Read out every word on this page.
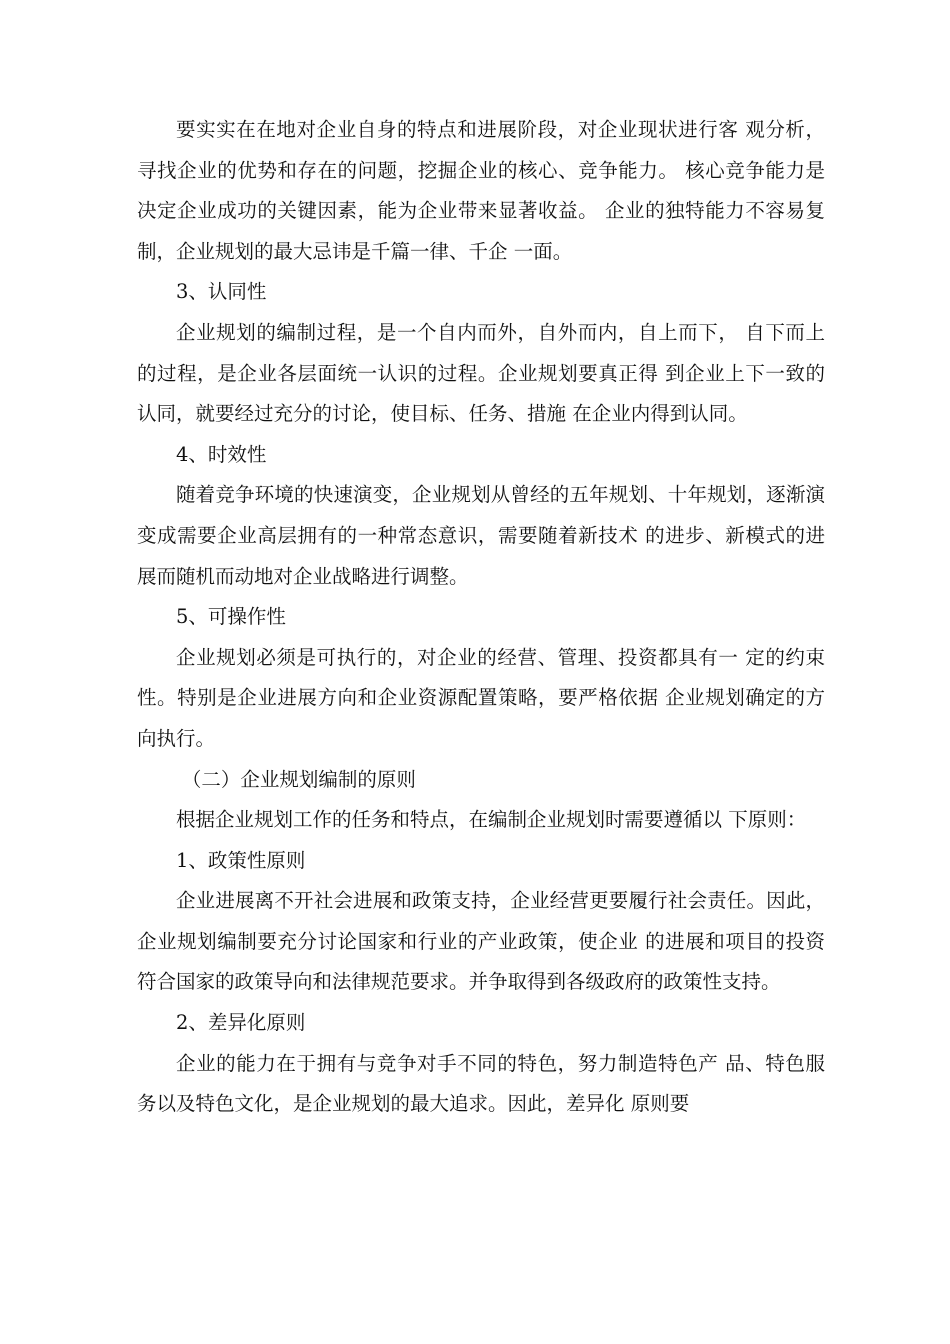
要实实在在地对企业自身的特点和进展阶段，对企业现状进行客 观分析，寻找企业的优势和存在的问题，挖掘企业的核心、竞争能力。 核心竞争能力是决定企业成功的关键因素，能为企业带来显著收益。 企业的独特能力不容易复制，企业规划的最大忌讳是千篇一律、千企 一面。

3、认同性

企业规划的编制过程，是一个自内而外，自外而内，自上而下， 自下而上的过程，是企业各层面统一认识的过程。企业规划要真正得 到企业上下一致的认同，就要经过充分的讨论，使目标、任务、措施 在企业内得到认同。

4、时效性

随着竞争环境的快速演变，企业规划从曾经的五年规划、十年规划，逐渐演变成需要企业高层拥有的一种常态意识，需要随着新技术 的进步、新模式的进展而随机而动地对企业战略进行调整。

5、可操作性

企业规划必须是可执行的，对企业的经营、管理、投资都具有一 定的约束性。特别是企业进展方向和企业资源配置策略，要严格依据 企业规划确定的方向执行。

（二）企业规划编制的原则

根据企业规划工作的任务和特点，在编制企业规划时需要遵循以 下原则：

1、政策性原则

企业进展离不开社会进展和政策支持，企业经营更要履行社会责任。因此，企业规划编制要充分讨论国家和行业的产业政策，使企业 的进展和项目的投资符合国家的政策导向和法律规范要求。并争取得到各级政府的政策性支持。

2、差异化原则

企业的能力在于拥有与竞争对手不同的特色，努力制造特色产 品、特色服务以及特色文化，是企业规划的最大追求。因此，差异化 原则要
